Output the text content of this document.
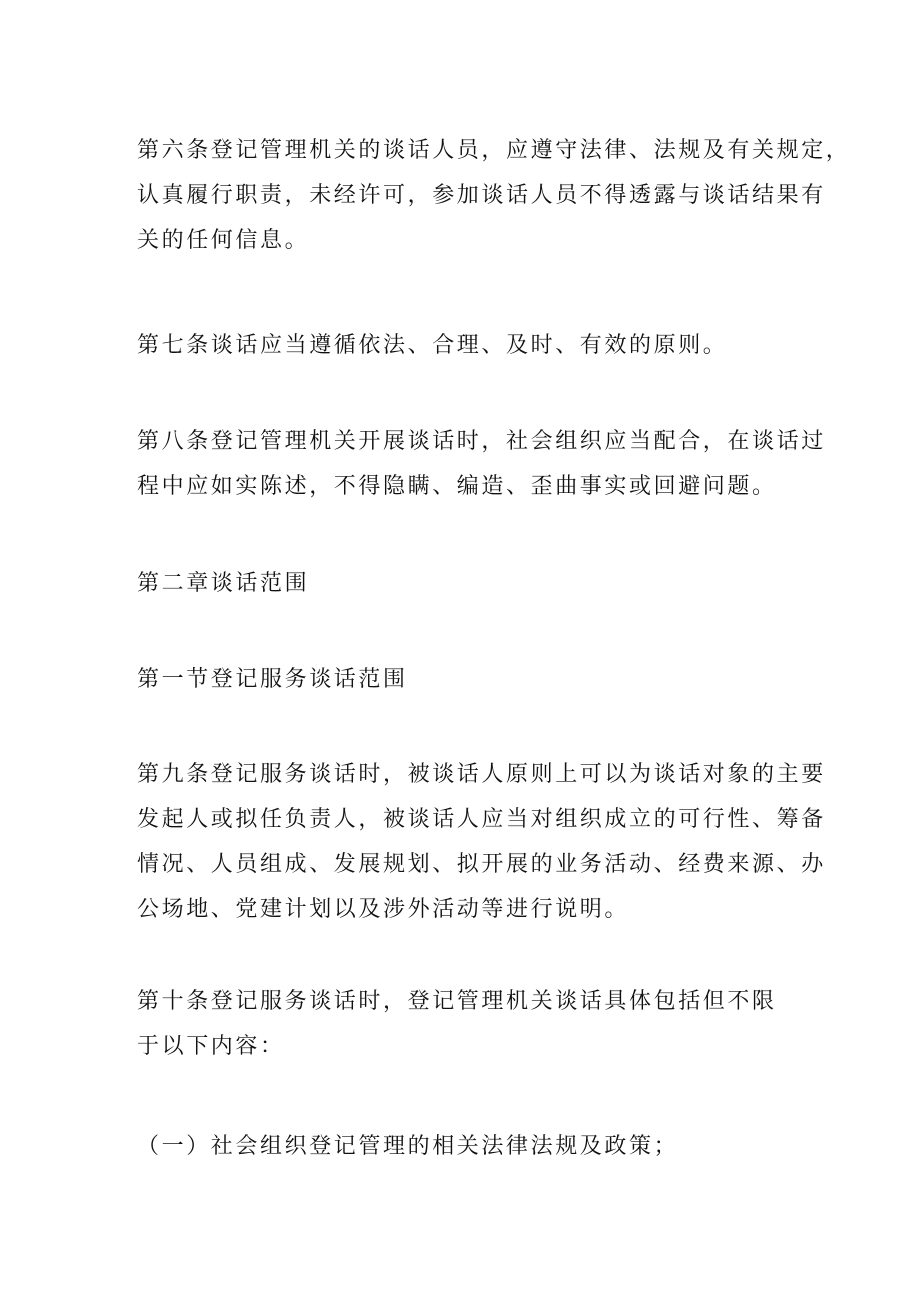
第六条登记管理机关的谈话人员，应遵守法律、法规及有关规定，
认真履行职责，未经许可，参加谈话人员不得透露与谈话结果有
关的任何信息。

第七条谈话应当遵循依法、合理、及时、有效的原则。

第八条登记管理机关开展谈话时，社会组织应当配合，在谈话过
程中应如实陈述，不得隐瞒、编造、歪曲事实或回避问题。

第二章谈话范围

第一节登记服务谈话范围

第九条登记服务谈话时，被谈话人原则上可以为谈话对象的主要
发起人或拟任负责人，被谈话人应当对组织成立的可行性、筹备
情况、人员组成、发展规划、拟开展的业务活动、经费来源、办
公场地、党建计划以及涉外活动等进行说明。

第十条登记服务谈话时，登记管理机关谈话具体包括但不限
于以下内容：

（一）社会组织登记管理的相关法律法规及政策；
